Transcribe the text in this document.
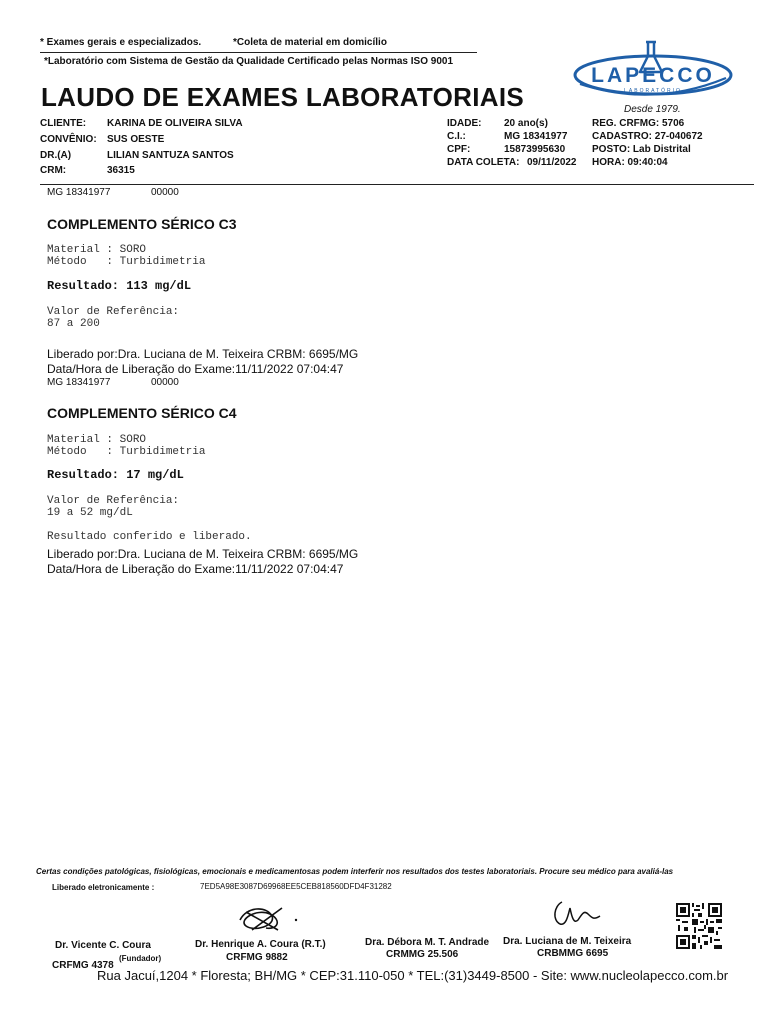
* Exames gerais e especializados.	*Coleta de material em domicílio
*Laboratório com Sistema de Gestão da Qualidade Certificado pelas Normas ISO 9001
LAPECCO
LABORATÓRIO
LAUDO DE EXAMES LABORATORIAIS	Desde 1979.
CLIENTE: KARINA DE OLIVEIRA SILVA
CONVÊNIO: SUS OESTE
DR.(A)	LILIAN SANTUZA SANTOS
CRM:	36315
IDADE: 20 ano(s)
C.I.:	MG 18341977
CPF:	15873995630
DATA COLETA: 09/11/2022
REG. CRFMG: 5706
CADASTRO: 27-040672
POSTO: Lab Distrital
HORA: 09:40:04
MG 18341977	00000
COMPLEMENTO SÉRICO C3
Material : SORO
Método   : Turbidimetria
Resultado: 113 mg/dL
Valor de Referência:
87 a 200
Liberado por:Dra. Luciana de M. Teixeira CRBM: 6695/MG
Data/Hora de Liberação do Exame:11/11/2022 07:04:47
MG 18341977	00000
COMPLEMENTO SÉRICO C4
Material : SORO
Método   : Turbidimetria
Resultado: 17 mg/dL
Valor de Referência:
19 a 52 mg/dL
Resultado conferido e liberado.
Liberado por:Dra. Luciana de M. Teixeira CRBM: 6695/MG
Data/Hora de Liberação do Exame:11/11/2022 07:04:47
Certas condições patológicas, fisiológicas, emocionais e medicamentosas podem interferir nos resultados dos testes laboratoriais. Procure seu médico para avaliá-las
Liberado eletronicamente :	7ED5A98E3087D69968EE5CEB818560DFD4F31282
Dr. Vicente C. Coura
CRFMG 4378
(Fundador)
Dr. Henrique A. Coura (R.T.)
CRFMG 9882
Dra. Débora M. T. Andrade
CRMMG 25.506
Dra. Luciana de M. Teixeira
CRBMMG 6695
Rua Jacuí,1204 * Floresta; BH/MG * CEP:31.110-050 * TEL:(31)3449-8500 - Site: www.nucleolapecco.com.br
